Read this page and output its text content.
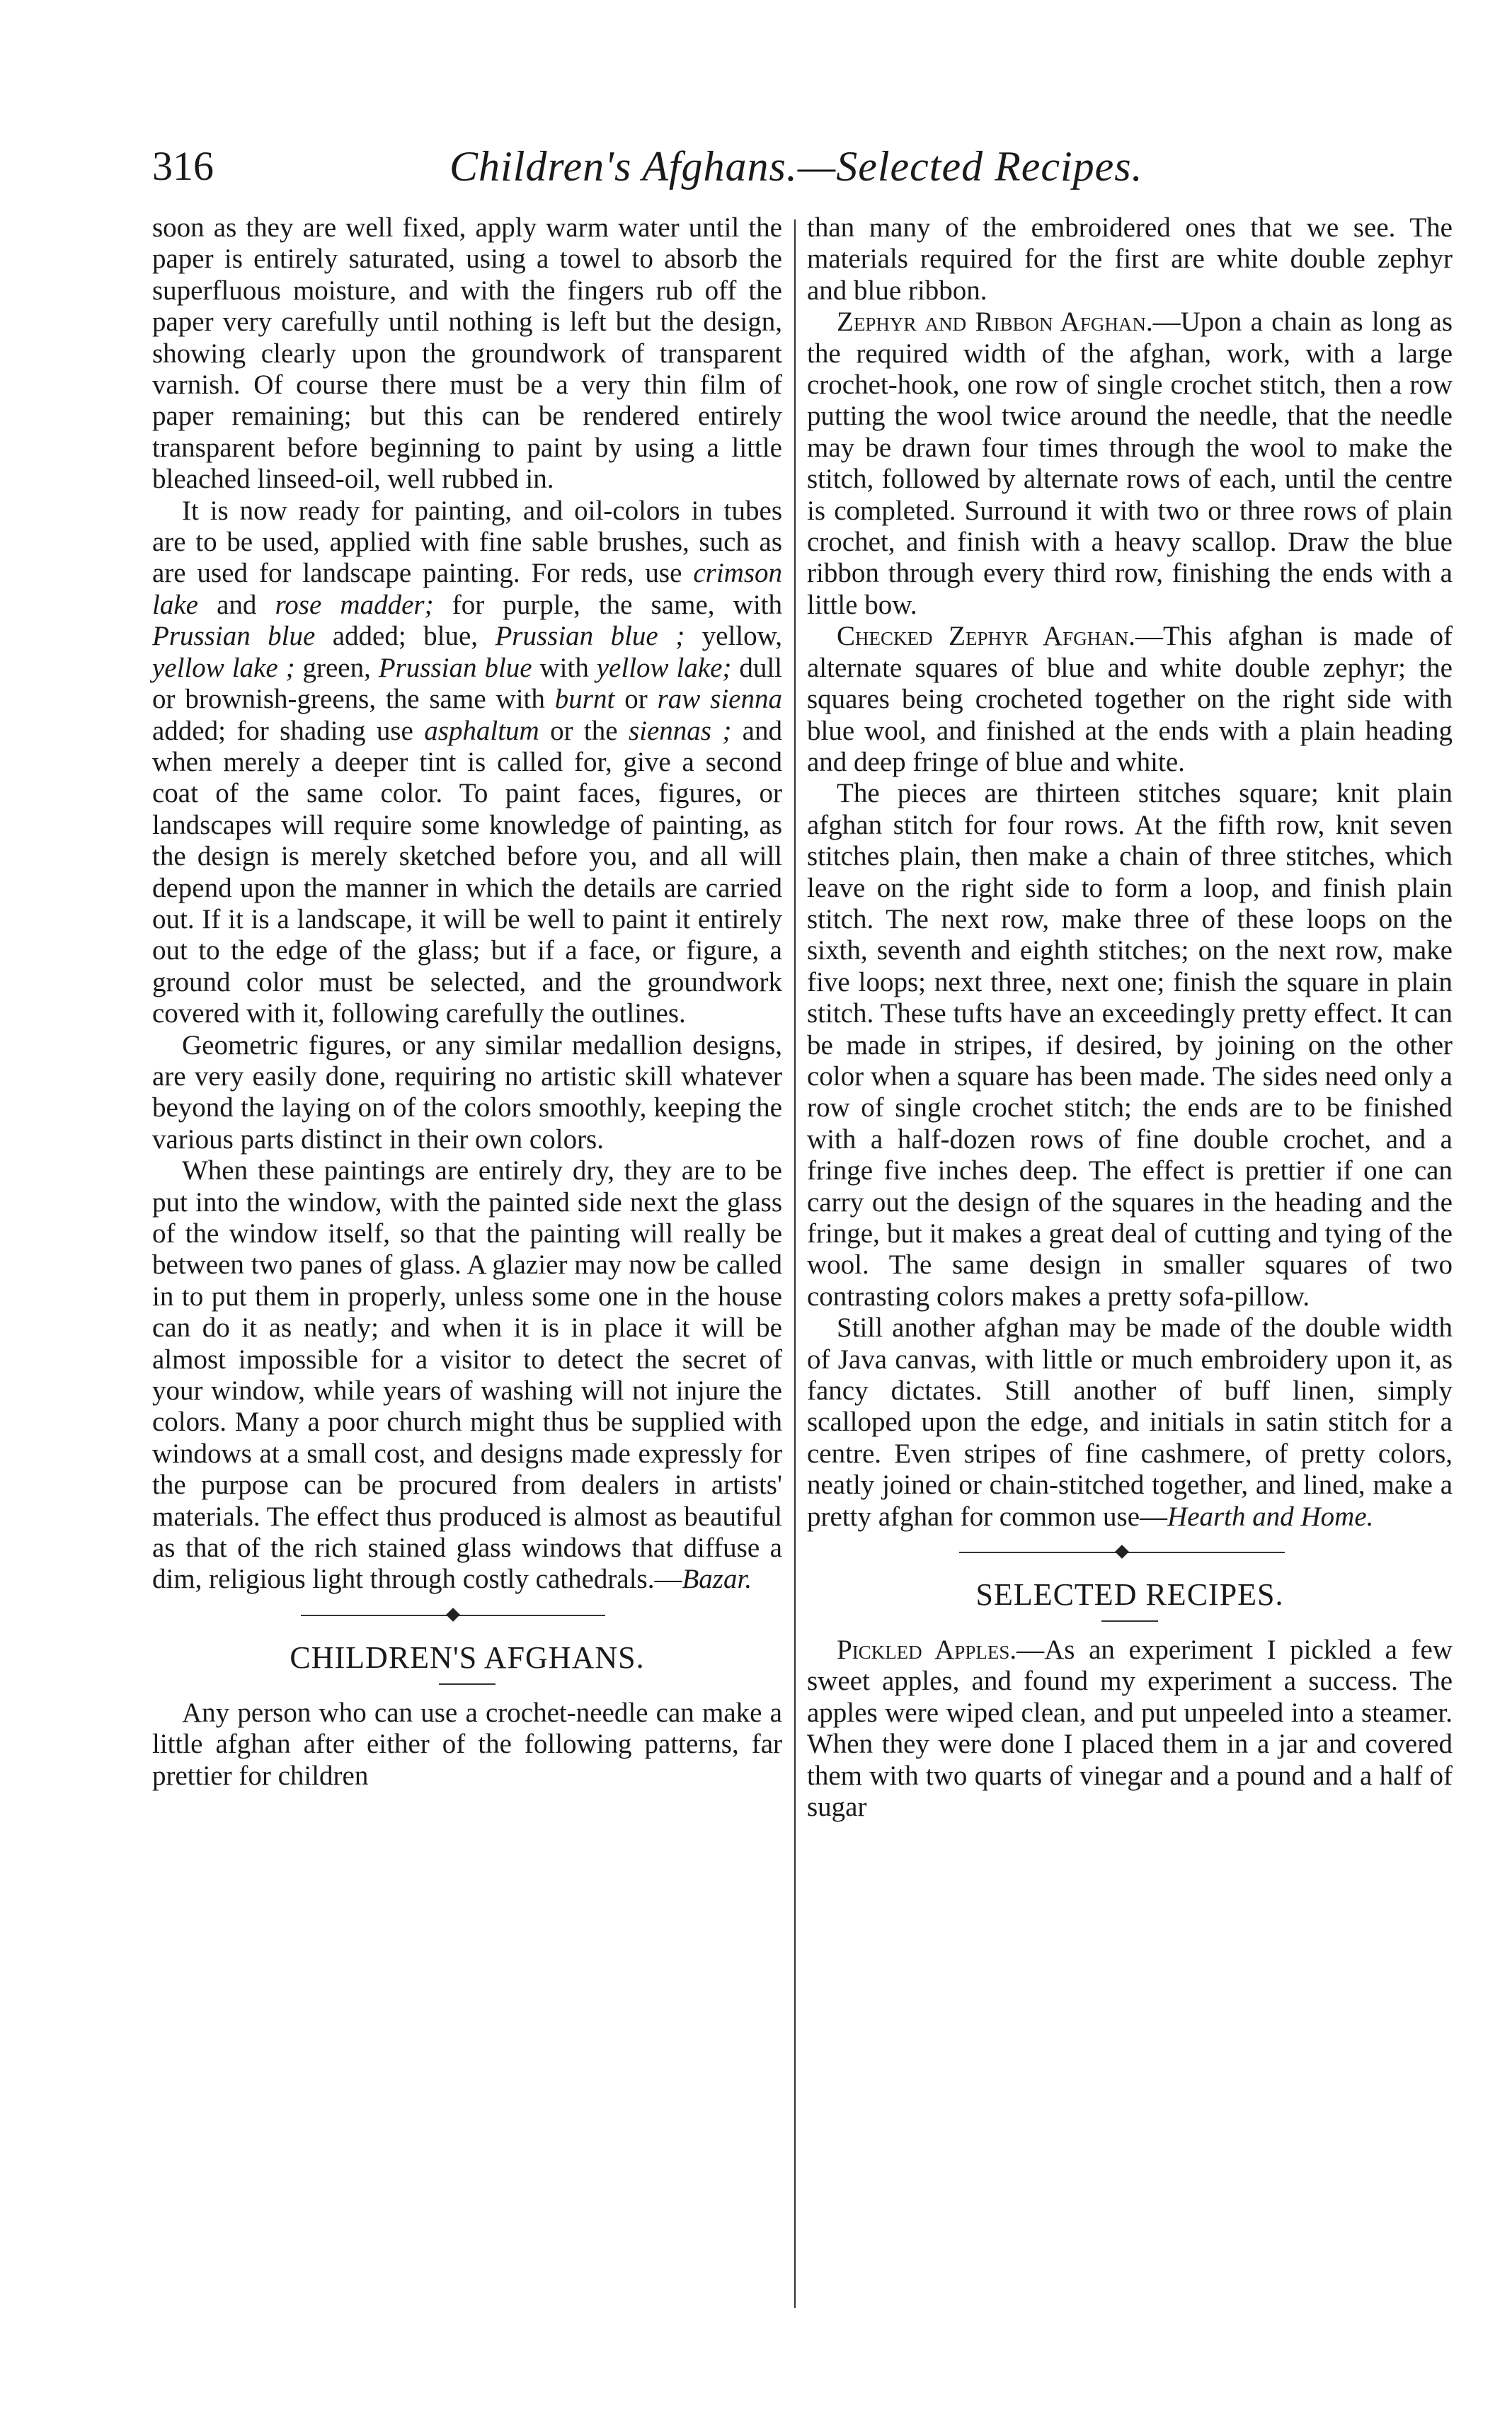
316	Children's Afghans.—Selected Recipes.

soon as they are well fixed, apply warm water until the paper is entirely saturated, using a towel to absorb the superfluous moisture, and with the fingers rub off the paper very carefully until nothing is left but the design, showing clearly upon the groundwork of transparent varnish. Of course there must be a very thin film of paper remaining; but this can be rendered entirely transparent before beginning to paint by using a little bleached linseed-oil, well rubbed in.

It is now ready for painting, and oil-colors in tubes are to be used, applied with fine sable brushes, such as are used for landscape painting. For reds, use crimson lake and rose madder; for purple, the same, with Prussian blue added; blue, Prussian blue ; yellow, yellow lake ; green, Prussian blue with yellow lake; dull or brownish-greens, the same with burnt or raw sienna added; for shading use asphaltum or the siennas ; and when merely a deeper tint is called for, give a second coat of the same color. To paint faces, figures, or landscapes will require some knowledge of painting, as the design is merely sketched before you, and all will depend upon the manner in which the details are carried out. If it is a landscape, it will be well to paint it entirely out to the edge of the glass; but if a face, or figure, a ground color must be selected, and the groundwork covered with it, following carefully the outlines.

Geometric figures, or any similar medallion designs, are very easily done, requiring no artistic skill whatever beyond the laying on of the colors smoothly, keeping the various parts distinct in their own colors.

When these paintings are entirely dry, they are to be put into the window, with the painted side next the glass of the window itself, so that the painting will really be between two panes of glass. A glazier may now be called in to put them in properly, unless some one in the house can do it as neatly; and when it is in place it will be almost impossible for a visitor to detect the secret of your window, while years of washing will not injure the colors. Many a poor church might thus be supplied with windows at a small cost, and designs made expressly for the purpose can be procured from dealers in artists' materials. The effect thus produced is almost as beautiful as that of the rich stained glass windows that diffuse a dim, religious light through costly cathedrals.—Bazar.

CHILDREN'S AFGHANS.

Any person who can use a crochet-needle can make a little afghan after either of the following patterns, far prettier for children

than many of the embroidered ones that we see. The materials required for the first are white double zephyr and blue ribbon.

Zephyr and Ribbon Afghan.—Upon a chain as long as the required width of the afghan, work, with a large crochet-hook, one row of single crochet stitch, then a row putting the wool twice around the needle, that the needle may be drawn four times through the wool to make the stitch, followed by alternate rows of each, until the centre is completed. Surround it with two or three rows of plain crochet, and finish with a heavy scallop. Draw the blue ribbon through every third row, finishing the ends with a little bow.

Checked Zephyr Afghan.—This afghan is made of alternate squares of blue and white double zephyr; the squares being crocheted together on the right side with blue wool, and finished at the ends with a plain heading and deep fringe of blue and white.

The pieces are thirteen stitches square; knit plain afghan stitch for four rows. At the fifth row, knit seven stitches plain, then make a chain of three stitches, which leave on the right side to form a loop, and finish plain stitch. The next row, make three of these loops on the sixth, seventh and eighth stitches; on the next row, make five loops; next three, next one; finish the square in plain stitch. These tufts have an exceedingly pretty effect. It can be made in stripes, if desired, by joining on the other color when a square has been made. The sides need only a row of single crochet stitch; the ends are to be finished with a half-dozen rows of fine double crochet, and a fringe five inches deep. The effect is prettier if one can carry out the design of the squares in the heading and the fringe, but it makes a great deal of cutting and tying of the wool. The same design in smaller squares of two contrasting colors makes a pretty sofa-pillow.

Still another afghan may be made of the double width of Java canvas, with little or much embroidery upon it, as fancy dictates. Still another of buff linen, simply scalloped upon the edge, and initials in satin stitch for a centre. Even stripes of fine cashmere, of pretty colors, neatly joined or chain-stitched together, and lined, make a pretty afghan for common use—Hearth and Home.

SELECTED RECIPES.

Pickled Apples.—As an experiment I pickled a few sweet apples, and found my experiment a success. The apples were wiped clean, and put unpeeled into a steamer. When they were done I placed them in a jar and covered them with two quarts of vinegar and a pound and a half of sugar
